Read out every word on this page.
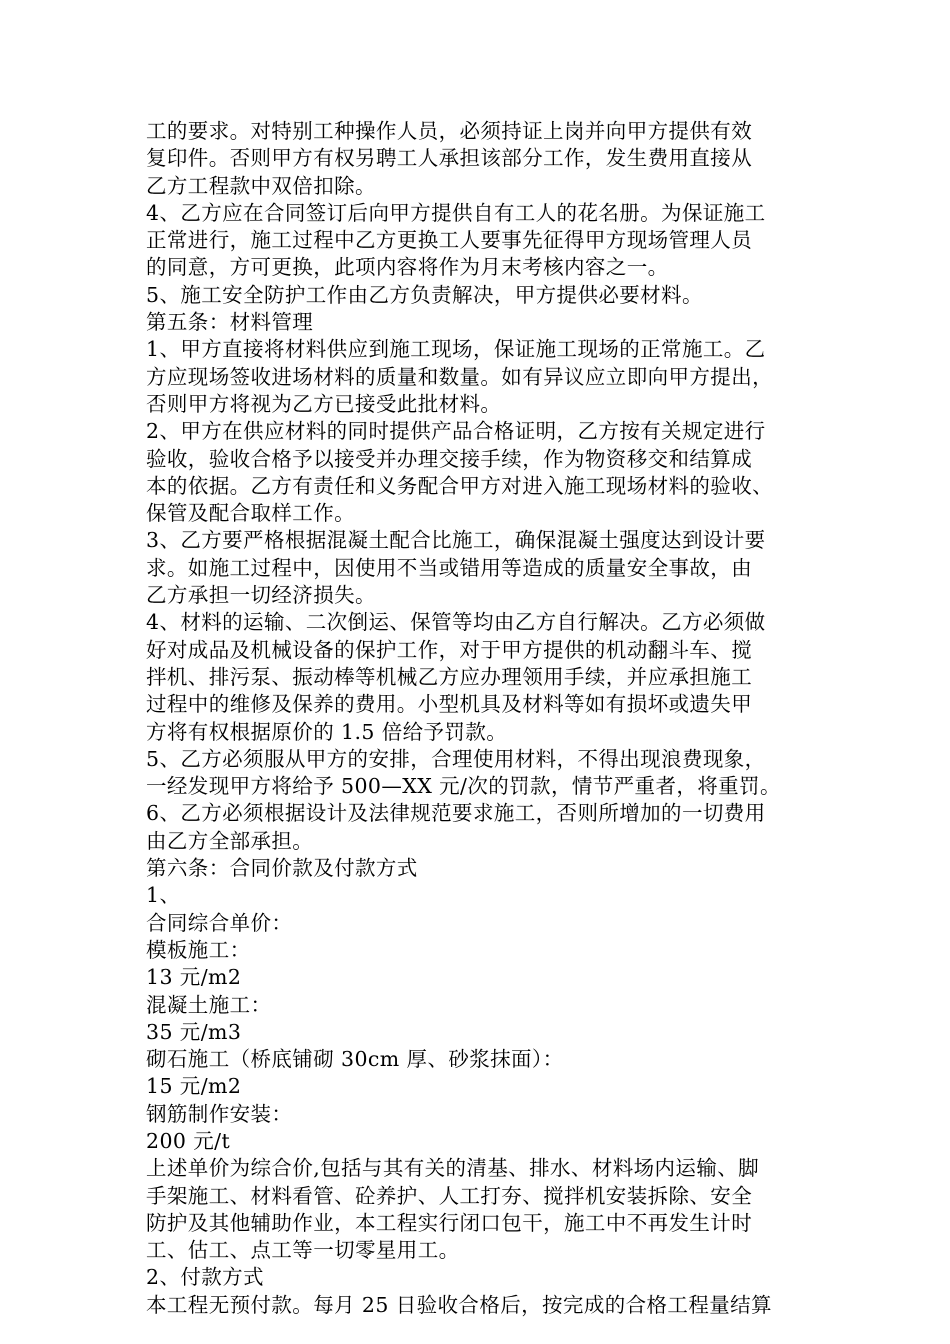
工的要求。对特别工种操作人员，必须持证上岗并向甲方提供有效
复印件。否则甲方有权另聘工人承担该部分工作，发生费用直接从
乙方工程款中双倍扣除。
4、乙方应在合同签订后向甲方提供自有工人的花名册。为保证施工
正常进行，施工过程中乙方更换工人要事先征得甲方现场管理人员
的同意，方可更换，此项内容将作为月末考核内容之一。
5、施工安全防护工作由乙方负责解决，甲方提供必要材料。
第五条：材料管理
1、甲方直接将材料供应到施工现场，保证施工现场的正常施工。乙
方应现场签收进场材料的质量和数量。如有异议应立即向甲方提出，
否则甲方将视为乙方已接受此批材料。
2、甲方在供应材料的同时提供产品合格证明，乙方按有关规定进行
验收，验收合格予以接受并办理交接手续，作为物资移交和结算成
本的依据。乙方有责任和义务配合甲方对进入施工现场材料的验收、
保管及配合取样工作。
3、乙方要严格根据混凝土配合比施工，确保混凝土强度达到设计要
求。如施工过程中，因使用不当或错用等造成的质量安全事故，由
乙方承担一切经济损失。
4、材料的运输、二次倒运、保管等均由乙方自行解决。乙方必须做
好对成品及机械设备的保护工作，对于甲方提供的机动翻斗车、搅
拌机、排污泵、振动棒等机械乙方应办理领用手续，并应承担施工
过程中的维修及保养的费用。小型机具及材料等如有损坏或遗失甲
方将有权根据原价的 1.5 倍给予罚款。
5、乙方必须服从甲方的安排，合理使用材料，不得出现浪费现象，
一经发现甲方将给予 500—XX 元/次的罚款，情节严重者，将重罚。
6、乙方必须根据设计及法律规范要求施工，否则所增加的一切费用
由乙方全部承担。
第六条：合同价款及付款方式
1、
合同综合单价：
模板施工：
13 元/m2
混凝土施工：
35 元/m3
砌石施工（桥底铺砌 30cm 厚、砂浆抹面）：
15 元/m2
钢筋制作安装：
200 元/t
上述单价为综合价,包括与其有关的清基、排水、材料场内运输、脚
手架施工、材料看管、砼养护、人工打夯、搅拌机安装拆除、安全
防护及其他辅助作业，本工程实行闭口包干，施工中不再发生计时
工、估工、点工等一切零星用工。
2、付款方式
本工程无预付款。每月 25 日验收合格后，按完成的合格工程量结算
